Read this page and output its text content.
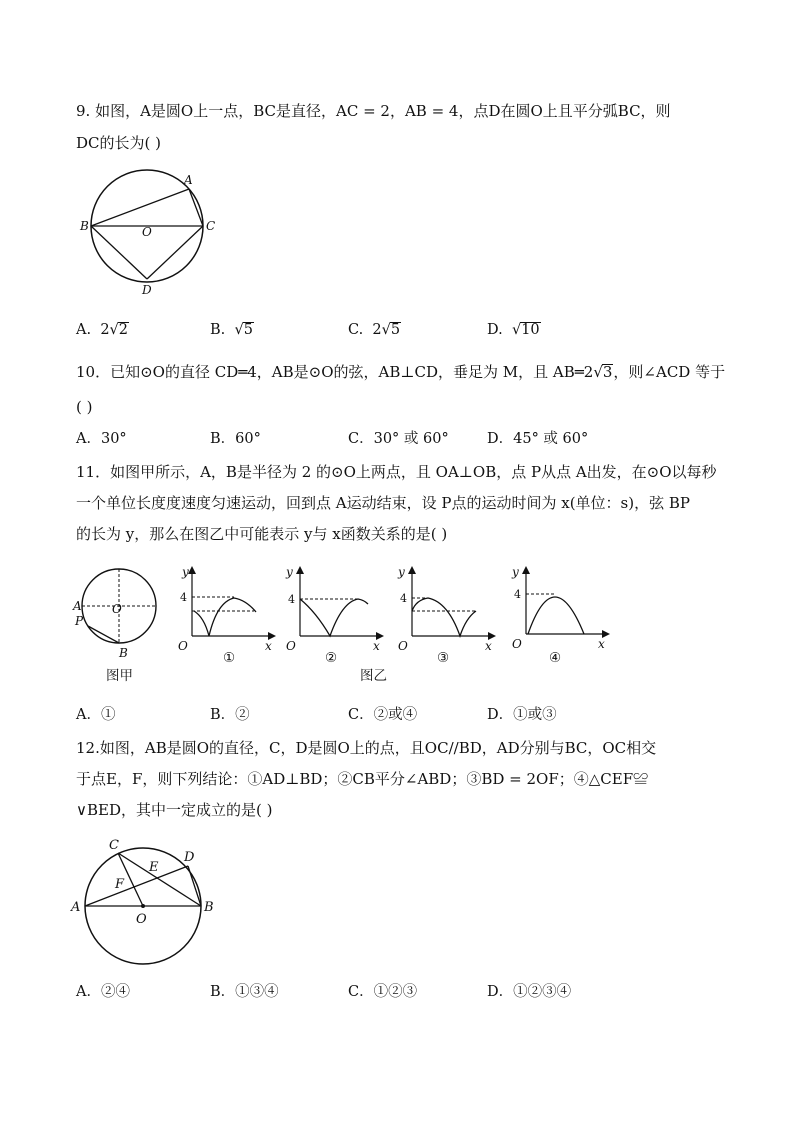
9. 如图，A是圆O上一点，BC是直径，AC = 2，AB = 4，点D在圆O上且平分弧BC，则
DC的长为( )
A
B	O	C
D
A. 2√2	B. √5	C. 2√5	D. √10
10．已知⊙O的直径 CD═4，AB是⊙O的弦，AB⊥CD，垂足为 M，且 AB═2√3，则∠ACD 等于
( )
A．30°	B．60°	C．30° 或 60°	D．45° 或 60°
11．如图甲所示，A，B是半径为 2 的⊙O上两点，且 OA⊥OB，点 P从点 A出发，在⊙O以每秒
一个单位长度度速度匀速运动，回到点 A运动结束，设 P点的运动时间为 x(单位：s)，弦 BP
的长为 y，那么在图乙中可能表示 y与 x函数关系的是( )
A
P
O
B
y
4
O	x
y
4
O	x
y
4
O	x
y
4
O	x
①	②	③	④
图甲	图乙
A．①	B．②	C．②或④	D．①或③
12.如图，AB是圆O的直径，C，D是圆O上的点，且OC//BD，AD分别与BC，OC相交
于点E，F，则下列结论：①AD⊥BD；②CB平分∠ABD；③BD = 2OF；④△CEF≌
∨BED，其中一定成立的是( )
C
D
E
F
A
O
B
A．②④	B．①③④	C．①②③	D．①②③④
